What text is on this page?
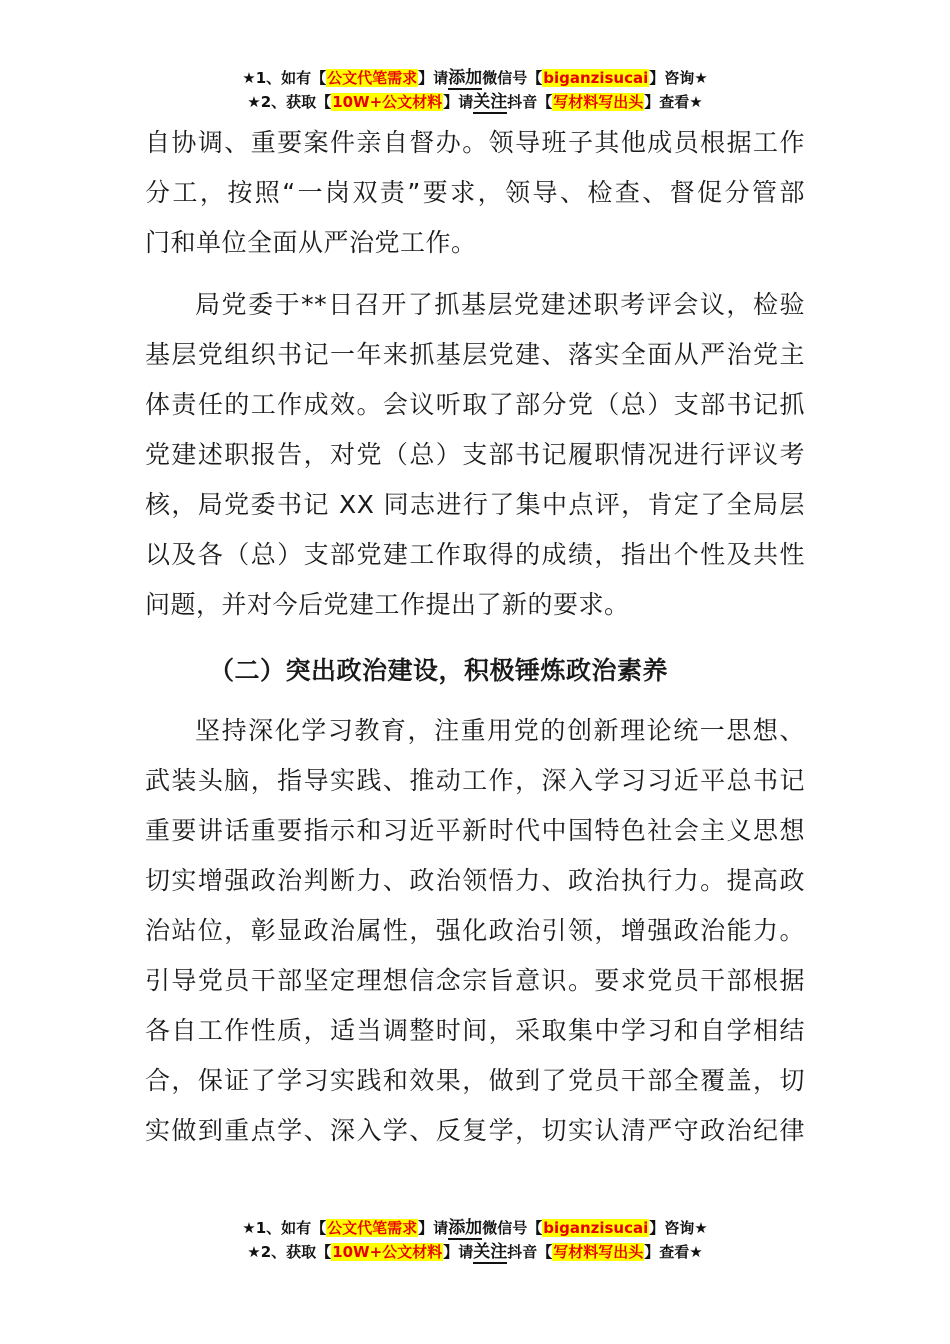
★1、如有【公文代笔需求】请添加微信号【biganzisucai】咨询★
★2、获取【10W+公文材料】请关注抖音【写材料写出头】查看★
自协调、重要案件亲自督办。领导班子其他成员根据工作
分工，按照“一岗双责”要求，领导、检查、督促分管部
门和单位全面从严治党工作。
局党委于**日召开了抓基层党建述职考评会议，检验
基层党组织书记一年来抓基层党建、落实全面从严治党主
体责任的工作成效。会议听取了部分党（总）支部书记抓
党建述职报告，对党（总）支部书记履职情况进行评议考
核，局党委书记 XX 同志进行了集中点评，肯定了全局层
以及各（总）支部党建工作取得的成绩，指出个性及共性
问题，并对今后党建工作提出了新的要求。
（二）突出政治建设，积极锤炼政治素养
坚持深化学习教育，注重用党的创新理论统一思想、
武装头脑，指导实践、推动工作，深入学习习近平总书记
重要讲话重要指示和习近平新时代中国特色社会主义思想
切实增强政治判断力、政治领悟力、政治执行力。提高政
治站位，彰显政治属性，强化政治引领，增强政治能力。
引导党员干部坚定理想信念宗旨意识。要求党员干部根据
各自工作性质，适当调整时间，采取集中学习和自学相结
合，保证了学习实践和效果，做到了党员干部全覆盖，切
实做到重点学、深入学、反复学，切实认清严守政治纪律
★1、如有【公文代笔需求】请添加微信号【biganzisucai】咨询★
★2、获取【10W+公文材料】请关注抖音【写材料写出头】查看★
